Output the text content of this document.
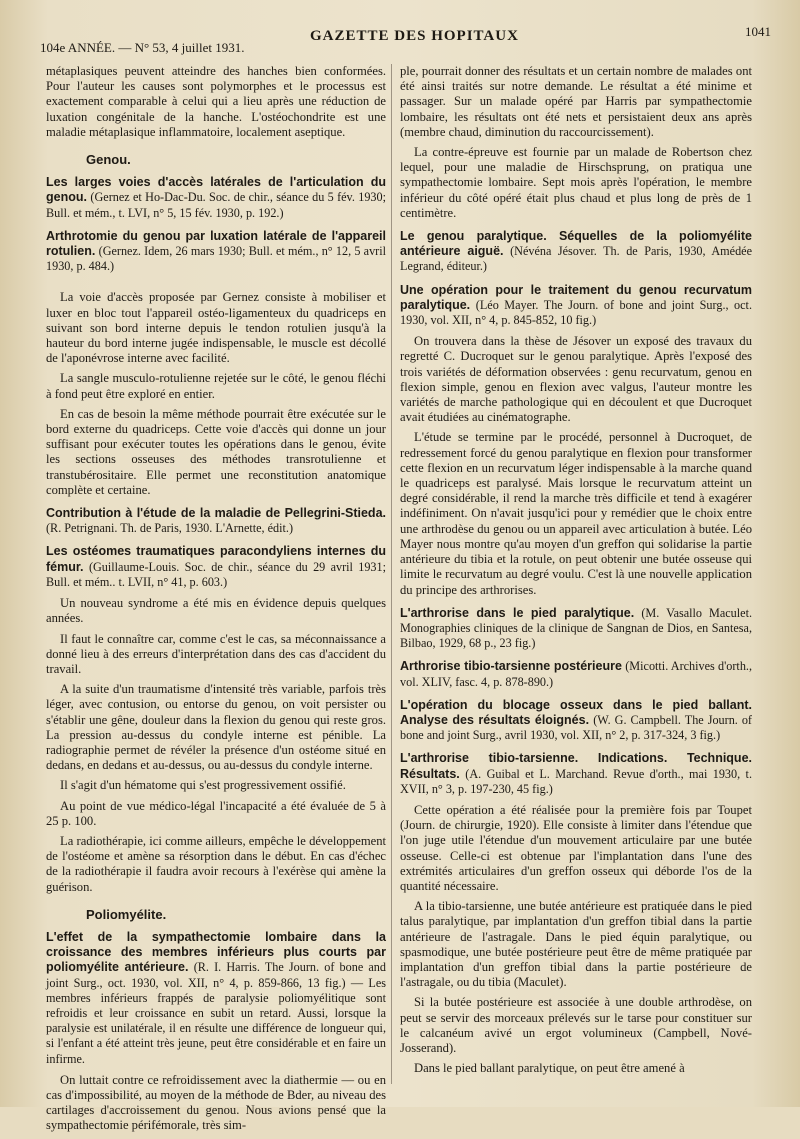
104e ANNÉE. — N° 53, 4 juillet 1931.
GAZETTE DES HOPITAUX	1041

métaplasiques peuvent atteindre des hanches bien conformées. Pour l'auteur les causes sont polymorphes et le processus est exactement comparable à celui qui a lieu après une réduction de luxation congénitale de la hanche. L'ostéochondrite est une maladie métaplasique inflammatoire, localement aseptique.

Genou.
Les larges voies d'accès latérales de l'articulation du genou. (Gernez et Ho-Dac-Du. Soc. de chir., séance du 5 fév. 1930; Bull. et mém., t. LVI, n° 5, 15 fév. 1930, p. 192.)
Arthrotomie du genou par luxation latérale de l'appareil rotulien. (Gernez. Idem, 26 mars 1930; Bull. et mém., n° 12, 5 avril 1930, p. 484.)

La voie d'accès proposée par Gernez consiste à mobiliser et luxer en bloc tout l'appareil ostéo-ligamenteux du quadriceps en suivant son bord interne depuis le tendon rotulien jusqu'à la hauteur du bord interne jugée indispensable, le muscle est décollé de l'aponévrose interne avec facilité.

La sangle musculo-rotulienne rejetée sur le côté, le genou fléchi à fond peut être exploré en entier.

En cas de besoin la même méthode pourrait être exécutée sur le bord externe du quadriceps. Cette voie d'accès qui donne un jour suffisant pour exécuter toutes les opérations dans le genou, évite les sections osseuses des méthodes transrotulienne et transtubérositaire. Elle permet une reconstitution anatomique complète et certaine.

Contribution à l'étude de la maladie de Pellegrini-Stieda. (R. Petrignani. Th. de Paris, 1930. L'Arnette, édit.)
Les ostéomes traumatiques paracondyliens internes du fémur. (Guillaume-Louis. Soc. de chir., séance du 29 avril 1931; Bull. et mém.. t. LVII, n° 41, p. 603.)

Un nouveau syndrome a été mis en évidence depuis quelques années.

Il faut le connaître car, comme c'est le cas, sa méconnaissance a donné lieu à des erreurs d'interprétation dans des cas d'accident du travail.

A la suite d'un traumatisme d'intensité très variable, parfois très léger, avec contusion, ou entorse du genou, on voit persister ou s'établir une gêne, douleur dans la flexion du genou qui reste gros. La pression au-dessus du condyle interne est pénible. La radiographie permet de révéler la présence d'un ostéome situé en dedans, en dedans et au-dessus, ou au-dessus du condyle interne.

Il s'agit d'un hématome qui s'est progressivement ossifié.

Au point de vue médico-légal l'incapacité a été évaluée de 5 à 25 p. 100.

La radiothérapie, ici comme ailleurs, empêche le développement de l'ostéome et amène sa résorption dans le début. En cas d'échec de la radiothérapie il faudra avoir recours à l'exérèse qui amène la guérison.

Poliomyélite.
L'effet de la sympathectomie lombaire dans la croissance des membres inférieurs plus courts par poliomyélite antérieure. (R. I. Harris. The Journ. of bone and joint Surg., oct. 1930, vol. XII, n° 4, p. 859-866, 13 fig.) — Les membres inférieurs frappés de paralysie poliomyélitique sont refroidis et leur croissance en subit un retard. Aussi, lorsque la paralysie est unilatérale, il en résulte une différence de longueur qui, si l'enfant a été atteint très jeune, peut être considérable et en faire un infirme.

On luttait contre ce refroidissement avec la diathermie — ou en cas d'impossibilité, au moyen de la méthode de Bder, au niveau des cartilages d'accroissement du genou. Nous avions pensé que la sympathectomie périfémorale, très sim-

ple, pourrait donner des résultats et un certain nombre de malades ont été ainsi traités sur notre demande. Le résultat a été minime et passager. Sur un malade opéré par Harris par sympathectomie lombaire, les résultats ont été nets et persistaient deux ans après (membre chaud, diminution du raccourcissement).

La contre-épreuve est fournie par un malade de Robertson chez lequel, pour une maladie de Hirschsprung, on pratiqua une sympathectomie lombaire. Sept mois après l'opération, le membre inférieur du côté opéré était plus chaud et plus long de près de 1 centimètre.

Le genou paralytique. Séquelles de la poliomyélite antérieure aiguë. (Névéna Jésover. Th. de Paris, 1930, Amédée Legrand, éditeur.)
Une opération pour le traitement du genou recurvatum paralytique. (Léo Mayer. The Journ. of bone and joint Surg., oct. 1930, vol. XII, n° 4, p. 845-852, 10 fig.)

On trouvera dans la thèse de Jésover un exposé des travaux du regretté C. Ducroquet sur le genou paralytique. Après l'exposé des trois variétés de déformation observées : genu recurvatum, genou en flexion simple, genou en flexion avec valgus, l'auteur montre les variétés de marche pathologique qui en découlent et que Ducroquet avait étudiées au cinématographe.

L'étude se termine par le procédé, personnel à Ducroquet, de redressement forcé du genou paralytique en flexion pour transformer cette flexion en un recurvatum léger indispensable à la marche quand le quadriceps est paralysé. Mais lorsque le recurvatum atteint un degré considérable, il rend la marche très difficile et tend à exagérer indéfiniment. On n'avait jusqu'ici pour y remédier que le choix entre une arthrodèse du genou ou un appareil avec articulation à butée. Léo Mayer nous montre qu'au moyen d'un greffon qui solidarise la partie antérieure du tibia et la rotule, on peut obtenir une butée osseuse qui limite le recurvatum au degré voulu. C'est là une nouvelle application du principe des arthrorises.

L'arthrorise dans le pied paralytique. (M. Vasallo Maculet. Monographies cliniques de la clinique de Sangnan de Dios, en Santesa, Bilbao, 1929, 68 p., 23 fig.)
Arthrorise tibio-tarsienne postérieure (Micotti. Archives d'orth., vol. XLIV, fasc. 4, p. 878-890.)
L'opération du blocage osseux dans le pied ballant. Analyse des résultats éloignés. (W. G. Campbell. The Journ. of bone and joint Surg., avril 1930, vol. XII, n° 2, p. 317-324, 3 fig.)
L'arthrorise tibio-tarsienne. Indications. Technique. Résultats. (A. Guibal et L. Marchand. Revue d'orth., mai 1930, t. XVII, n° 3, p. 197-230, 45 fig.)

Cette opération a été réalisée pour la première fois par Toupet (Journ. de chirurgie, 1920). Elle consiste à limiter dans l'étendue que l'on juge utile l'étendue d'un mouvement articulaire par une butée osseuse. Celle-ci est obtenue par l'implantation dans l'une des extrémités articulaires d'un greffon osseux qui déborde l'os de la quantité nécessaire.

A la tibio-tarsienne, une butée antérieure est pratiquée dans le pied talus paralytique, par implantation d'un greffon tibial dans la partie antérieure de l'astragale. Dans le pied équin paralytique, ou spasmodique, une butée postérieure peut être de même pratiquée par implantation d'un greffon tibial dans la partie postérieure de l'astragale, ou du tibia (Maculet).

Si la butée postérieure est associée à une double arthrodèse, on peut se servir des morceaux prélevés sur le tarse pour constituer sur le calcanéum avivé un ergot volumineux (Campbell, Nové-Josserand).

Dans le pied ballant paralytique, on peut être amené à
